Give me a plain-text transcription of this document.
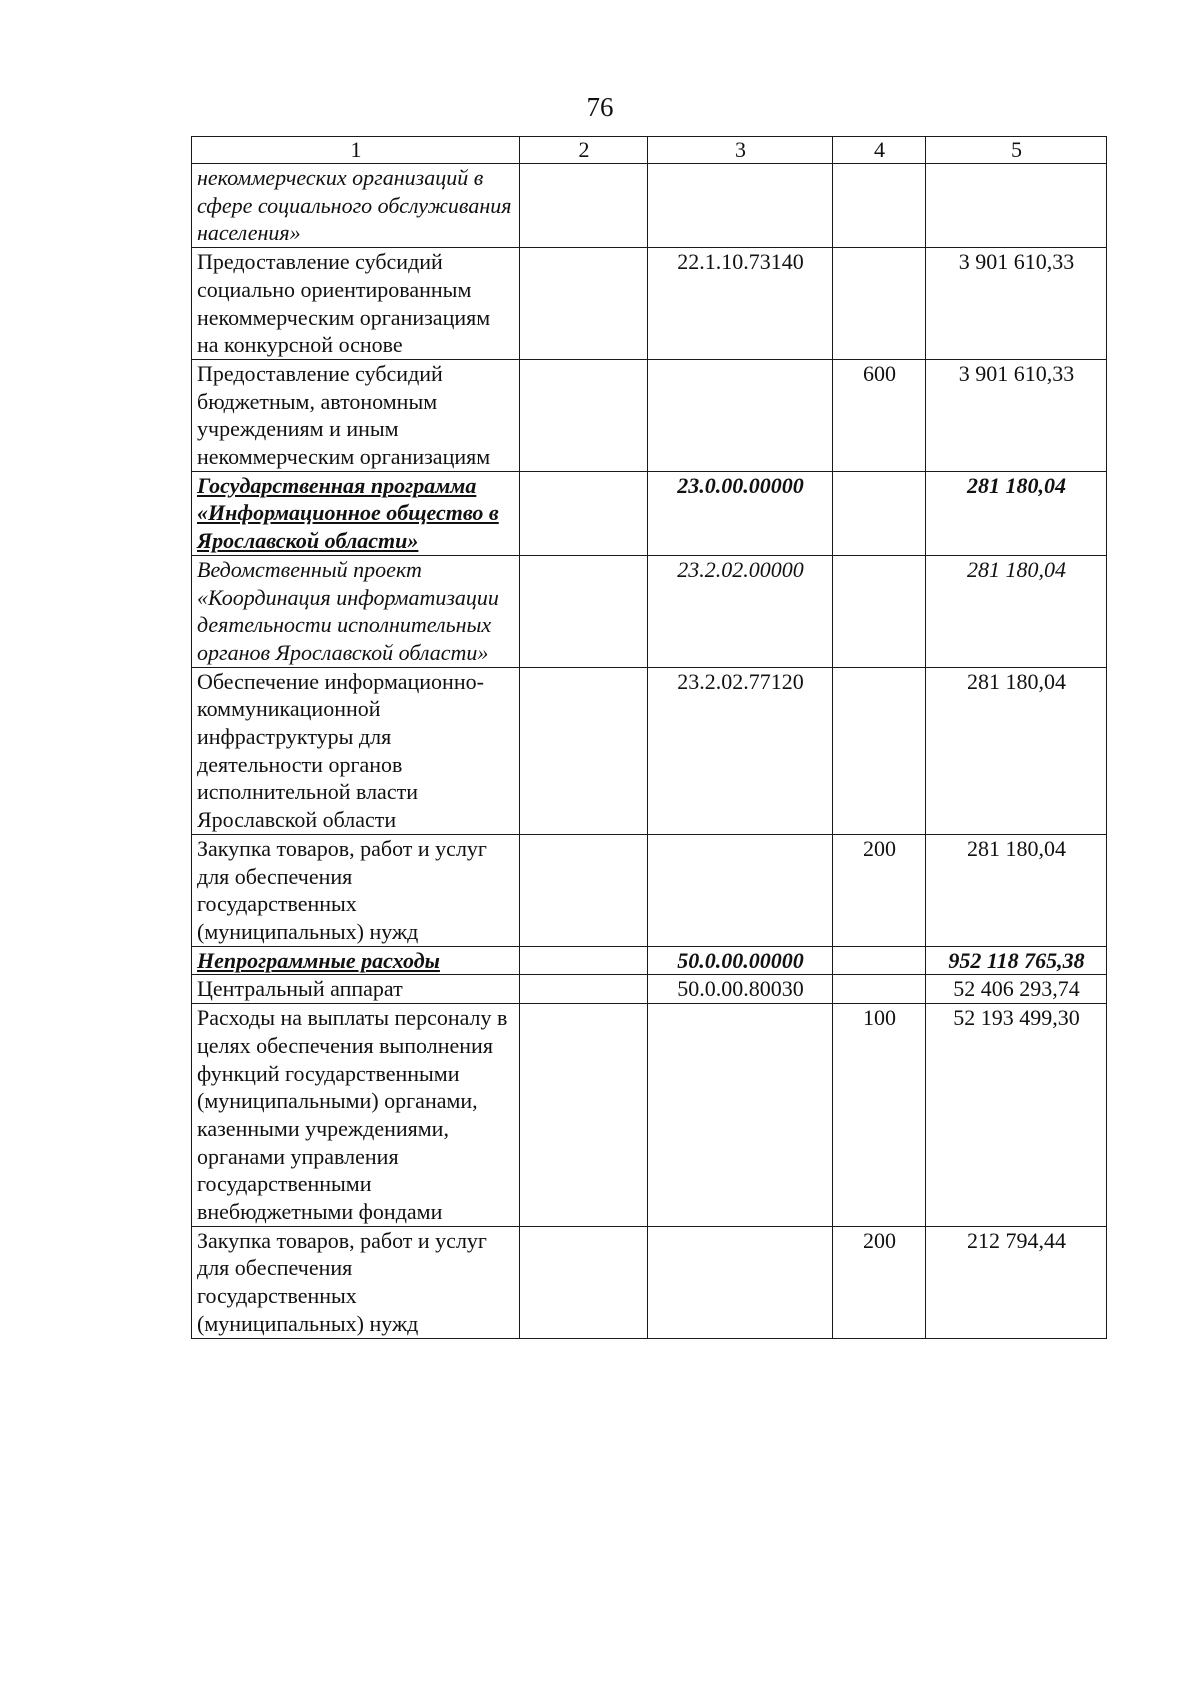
76
1	2	3	4	5
некоммерческих организаций в сфере социального обслуживания населения»				
Предоставление субсидий социально ориентированным некоммерческим организациям на конкурсной основе		22.1.10.73140		3 901 610,33
Предоставление субсидий бюджетным, автономным учреждениям и иным некоммерческим организациям			600	3 901 610,33
Государственная программа «Информационное общество в Ярославской области»		23.0.00.00000		281 180,04
Ведомственный проект «Координация информатизации деятельности исполнительных органов Ярославской области»		23.2.02.00000		281 180,04
Обеспечение информационно-коммуникационной инфраструктуры для деятельности органов исполнительной власти Ярославской области		23.2.02.77120		281 180,04
Закупка товаров, работ и услуг для обеспечения государственных (муниципальных) нужд			200	281 180,04
Непрограммные расходы		50.0.00.00000		952 118 765,38
Центральный аппарат		50.0.00.80030		52 406 293,74
Расходы на выплаты персоналу в целях обеспечения выполнения функций государственными (муниципальными) органами, казенными учреждениями, органами управления государственными внебюджетными фондами			100	52 193 499,30
Закупка товаров, работ и услуг для обеспечения государственных (муниципальных) нужд			200	212 794,44
